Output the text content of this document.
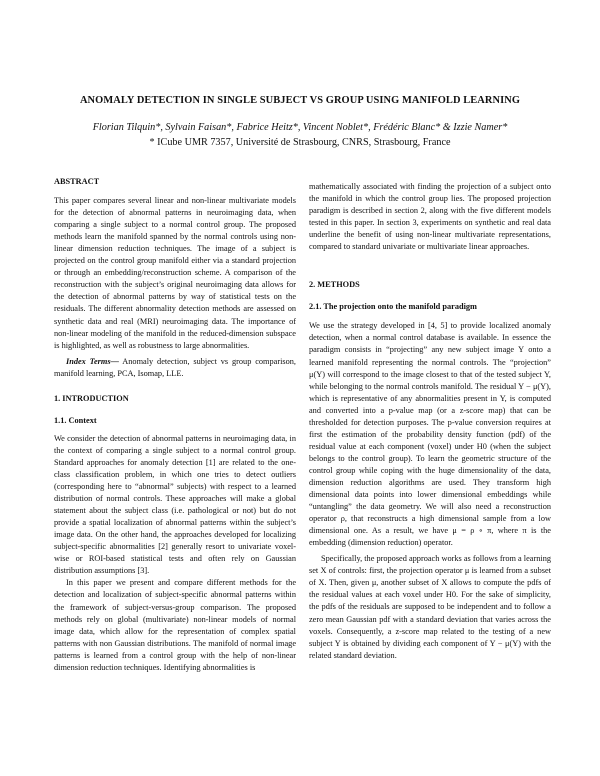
ANOMALY DETECTION IN SINGLE SUBJECT VS GROUP USING MANIFOLD LEARNING
Florian Tilquin*, Sylvain Faisan*, Fabrice Heitz*, Vincent Noblet*, Frédéric Blanc* & Izzie Namer*
* ICube UMR 7357, Université de Strasbourg, CNRS, Strasbourg, France

ABSTRACT

This paper compares several linear and non-linear multivariate models for the detection of abnormal patterns in neuroimaging data, when comparing a single subject to a normal control group. The proposed methods learn the manifold spanned by the normal controls using non-linear dimension reduction techniques. The image of a subject is projected on the control group manifold either via a standard projection or through an embedding/reconstruction scheme. A comparison of the reconstruction with the subject’s original neuroimaging data allows for the detection of abnormal patterns by way of statistical tests on the residuals. The different abnormality detection methods are assessed on synthetic data and real (MRI) neuroimaging data. The importance of non-linear modeling of the manifold in the reduced-dimension subspace is highlighted, as well as robustness to large abnormalities.

Index Terms— Anomaly detection, subject vs group comparison, manifold learning, PCA, Isomap, LLE.

1. INTRODUCTION

1.1. Context

We consider the detection of abnormal patterns in neuroimaging data, in the context of comparing a single subject to a normal control group. Standard approaches for anomaly detection [1] are related to the one-class classification problem, in which one tries to detect outliers (corresponding here to “abnormal” subjects) with respect to a learned distribution of normal controls. These approaches will make a global statement about the subject class (i.e. pathological or not) but do not provide a spatial localization of abnormal patterns within the subject’s image data. On the other hand, the approaches developed for localizing subject-specific abnormalities [2] generally resort to univariate voxel-wise or ROI-based statistical tests and often rely on Gaussian distribution assumptions [3].

In this paper we present and compare different methods for the detection and localization of subject-specific abnormal patterns within the framework of subject-versus-group comparison. The proposed methods rely on global (multivariate) non-linear models of normal image data, which allow for the representation of complex spatial patterns with non Gaussian distributions. The manifold of normal image patterns is learned from a control group with the help of non-linear dimension reduction techniques. Identifying abnormalities is

mathematically associated with finding the projection of a subject onto the manifold in which the control group lies. The proposed projection paradigm is described in section 2, along with the five different models tested in this paper. In section 3, experiments on synthetic and real data underline the benefit of using non-linear multivariate representations, compared to standard univariate or multivariate linear approaches.

2. METHODS

2.1. The projection onto the manifold paradigm

We use the strategy developed in [4, 5] to provide localized anomaly detection, when a normal control database is available. In essence the paradigm consists in “projecting” any new subject image Y onto a learned manifold representing the normal controls. The “projection” μ(Y) will correspond to the image closest to that of the tested subject Y, while belonging to the normal controls manifold. The residual Y − μ(Y), which is representative of any abnormalities present in Y, is computed and converted into a p-value map (or a z-score map) that can be thresholded for detection purposes. The p-value conversion requires at first the estimation of the probability density function (pdf) of the residual value at each component (voxel) under H0 (when the subject belongs to the control group). To learn the geometric structure of the control group while coping with the huge dimensionality of the data, dimension reduction algorithms are used. They transform high dimensional data points into lower dimensional embeddings while “untangling” the data geometry. We will also need a reconstruction operator ρ, that reconstructs a high dimensional sample from a low dimensional one. As a result, we have μ = ρ ∘ π, where π is the embedding (dimension reduction) operator.

Specifically, the proposed approach works as follows from a learning set X of controls: first, the projection operator μ is learned from a subset of X. Then, given μ, another subset of X allows to compute the pdfs of the residual values at each voxel under H0. For the sake of simplicity, the pdfs of the residuals are supposed to be independent and to follow a zero mean Gaussian pdf with a standard deviation that varies across the voxels. Consequently, a z-score map related to the testing of a new subject Y is obtained by dividing each component of Y − μ(Y) with the related standard deviation.
